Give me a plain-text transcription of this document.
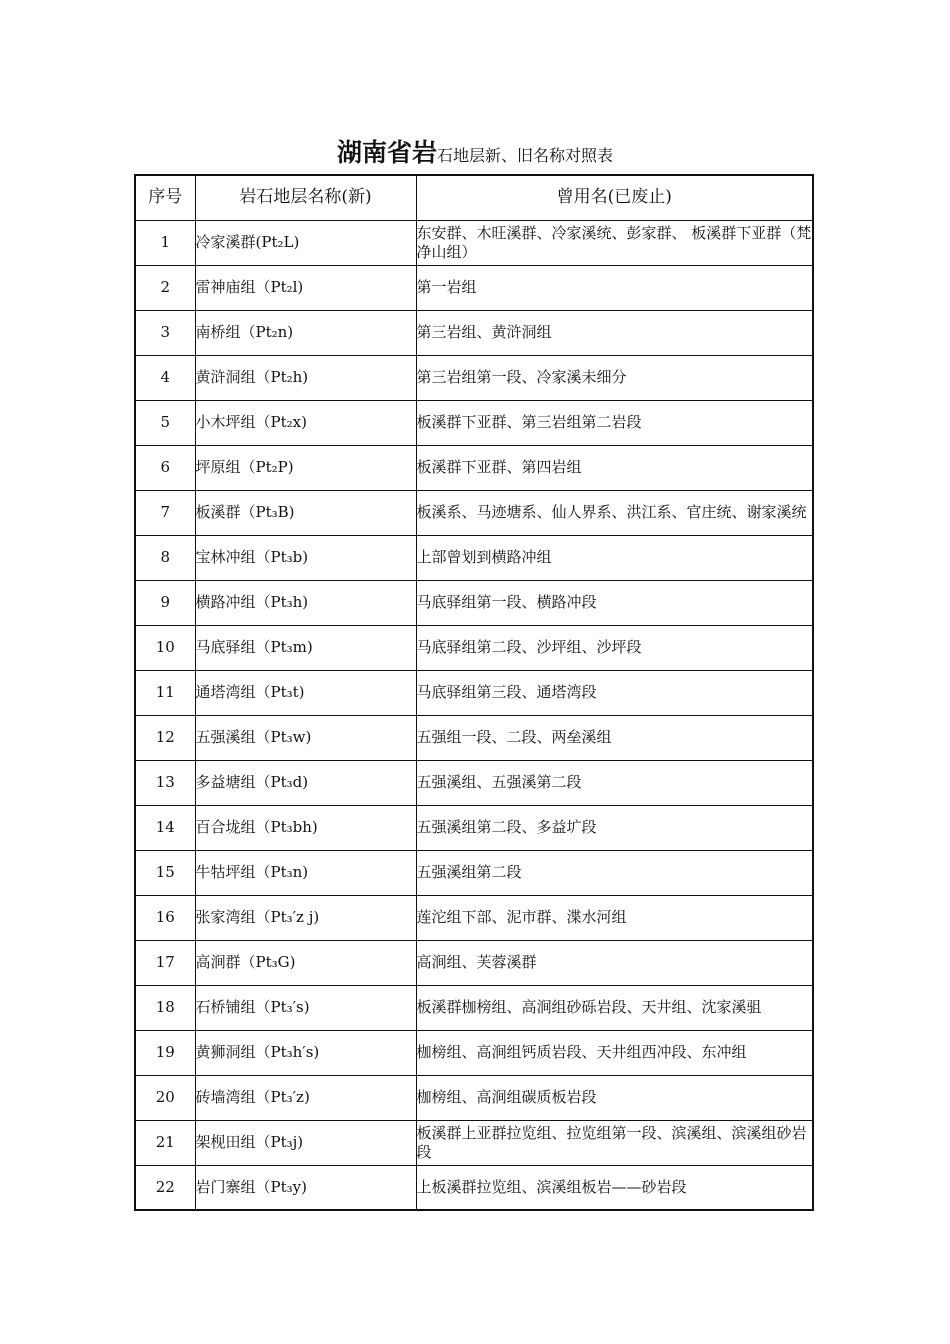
湖南省岩石地层新、旧名称对照表
序号	岩石地层名称(新)	曾用名(已废止)
1	冷家溪群(Pt₂L)	东安群、木旺溪群、冷家溪统、彭家群、 板溪群下亚群（梵净山组）
2	雷神庙组（Pt₂l)	第一岩组
3	南桥组（Pt₂n)	第三岩组、黄浒洞组
4	黄浒洞组（Pt₂h)	第三岩组第一段、冷家溪未细分
5	小木坪组（Pt₂x)	板溪群下亚群、第三岩组第二岩段
6	坪原组（Pt₂P)	板溪群下亚群、第四岩组
7	板溪群（Pt₃B)	板溪系、马迹塘系、仙人界系、洪江系、官庄统、谢家溪统
8	宝林冲组（Pt₃b)	上部曾划到横路冲组
9	横路冲组（Pt₃h)	马底驿组第一段、横路冲段
10	马底驿组（Pt₃m)	马底驿组第二段、沙坪组、沙坪段
11	通塔湾组（Pt₃t)	马底驿组第三段、通塔湾段
12	五强溪组（Pt₃w)	五强组一段、二段、两垒溪组
13	多益塘组（Pt₃d)	五强溪组、五强溪第二段
14	百合垅组（Pt₃bh)	五强溪组第二段、多益圹段
15	牛牯坪组（Pt₃n)	五强溪组第二段
16	张家湾组（Pt₃′z j)	莲沱组下部、泥市群、渫水河组
17	高涧群（Pt₃G)	高涧组、芙蓉溪群
18	石桥铺组（Pt₃′s)	板溪群枷榜组、高涧组砂砾岩段、天井组、沈家溪驵
19	黄狮洞组（Pt₃h′s)	枷榜组、高涧组钙质岩段、天井组西冲段、东冲组
20	砖墙湾组（Pt₃′z)	枷榜组、高涧组碳质板岩段
21	架枧田组（Pt₃j)	板溪群上亚群拉览组、拉览组第一段、滨溪组、滨溪组砂岩段
22	岩门寨组（Pt₃y)	上板溪群拉览组、滨溪组板岩——砂岩段
